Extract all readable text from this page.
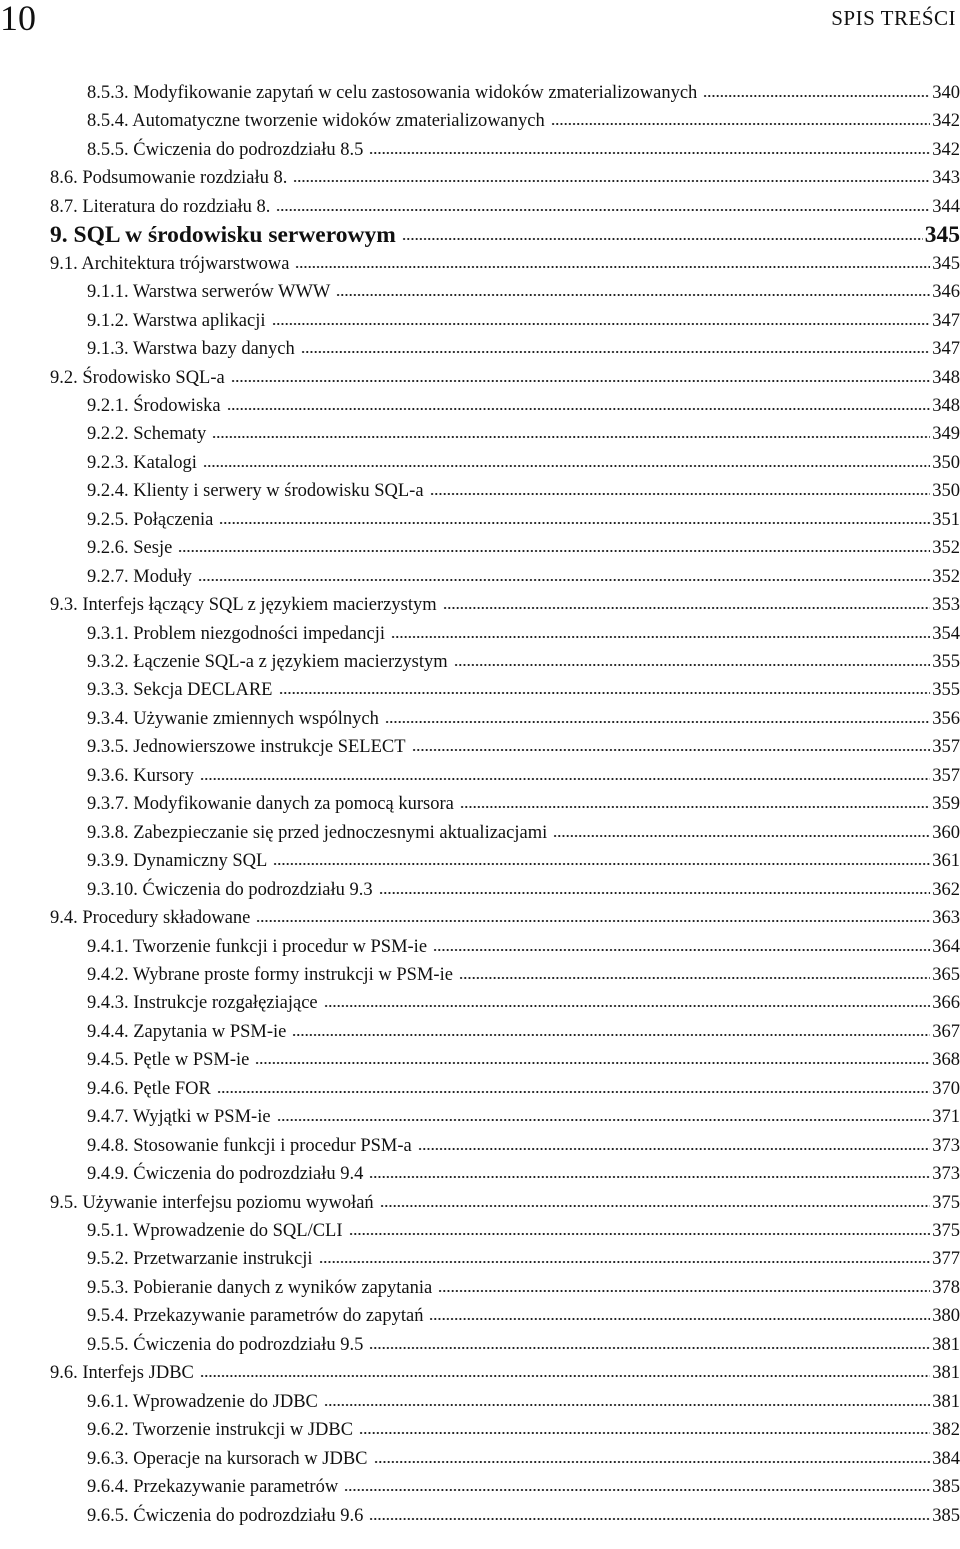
10	SPIS TREŚCI
8.5.3. Modyfikowanie zapytań w celu zastosowania widoków zmaterializowanych	340
8.5.4. Automatyczne tworzenie widoków zmaterializowanych	342
8.5.5. Ćwiczenia do podrozdziału 8.5	342
8.6. Podsumowanie rozdziału 8.	343
8.7. Literatura do rozdziału 8.	344
9. SQL w środowisku serwerowym	345
9.1. Architektura trójwarstwowa	345
9.1.1. Warstwa serwerów WWW	346
9.1.2. Warstwa aplikacji	347
9.1.3. Warstwa bazy danych	347
9.2. Środowisko SQL-a	348
9.2.1. Środowiska	348
9.2.2. Schematy	349
9.2.3. Katalogi	350
9.2.4. Klienty i serwery w środowisku SQL-a	350
9.2.5. Połączenia	351
9.2.6. Sesje	352
9.2.7. Moduły	352
9.3. Interfejs łączący SQL z językiem macierzystym	353
9.3.1. Problem niezgodności impedancji	354
9.3.2. Łączenie SQL-a z językiem macierzystym	355
9.3.3. Sekcja DECLARE	355
9.3.4. Używanie zmiennych wspólnych	356
9.3.5. Jednowierszowe instrukcje SELECT	357
9.3.6. Kursory	357
9.3.7. Modyfikowanie danych za pomocą kursora	359
9.3.8. Zabezpieczanie się przed jednoczesnymi aktualizacjami	360
9.3.9. Dynamiczny SQL	361
9.3.10. Ćwiczenia do podrozdziału 9.3	362
9.4. Procedury składowane	363
9.4.1. Tworzenie funkcji i procedur w PSM-ie	364
9.4.2. Wybrane proste formy instrukcji w PSM-ie	365
9.4.3. Instrukcje rozgałęziające	366
9.4.4. Zapytania w PSM-ie	367
9.4.5. Pętle w PSM-ie	368
9.4.6. Pętle FOR	370
9.4.7. Wyjątki w PSM-ie	371
9.4.8. Stosowanie funkcji i procedur PSM-a	373
9.4.9. Ćwiczenia do podrozdziału 9.4	373
9.5. Używanie interfejsu poziomu wywołań	375
9.5.1. Wprowadzenie do SQL/CLI	375
9.5.2. Przetwarzanie instrukcji	377
9.5.3. Pobieranie danych z wyników zapytania	378
9.5.4. Przekazywanie parametrów do zapytań	380
9.5.5. Ćwiczenia do podrozdziału 9.5	381
9.6. Interfejs JDBC	381
9.6.1. Wprowadzenie do JDBC	381
9.6.2. Tworzenie instrukcji w JDBC	382
9.6.3. Operacje na kursorach w JDBC	384
9.6.4. Przekazywanie parametrów	385
9.6.5. Ćwiczenia do podrozdziału 9.6	385
